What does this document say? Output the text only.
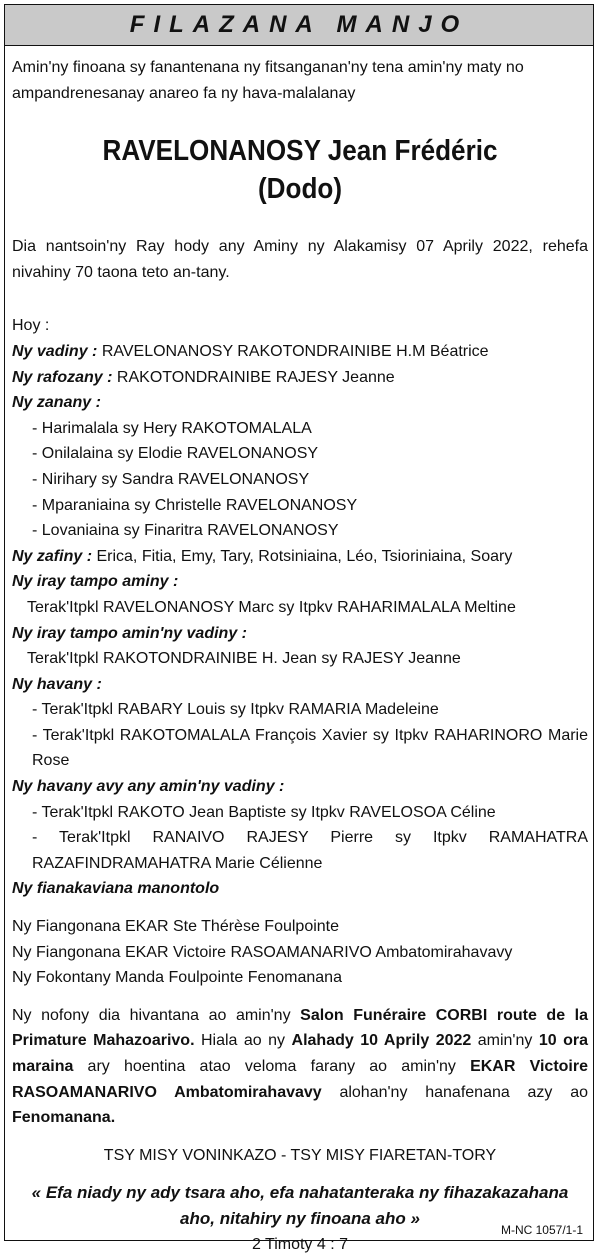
FILAZANA MANJO

Amin'ny finoana sy fanantenana ny fitsanganan'ny tena amin'ny maty no ampandrenesanay anareo fa ny hava-malalanay

RAVELONANOSY Jean Frédéric
(Dodo)

Dia nantsoin'ny Ray hody any Aminy ny Alakamisy 07 Aprily 2022, rehefa nivahiny 70 taona teto an-tany.

Hoy :

Ny vadiny : RAVELONANOSY RAKOTONDRAINIBE H.M Béatrice

Ny rafozany : RAKOTONDRAINIBE RAJESY Jeanne

Ny zanany :

- Harimalala sy Hery RAKOTOMALALA

- Onilalaina sy Elodie RAVELONANOSY

- Nirihary sy Sandra RAVELONANOSY

- Mparaniaina sy Christelle RAVELONANOSY

- Lovaniaina sy Finaritra RAVELONANOSY

Ny zafiny : Erica, Fitia, Emy, Tary, Rotsiniaina, Léo, Tsioriniaina, Soary

Ny iray tampo aminy :

Terak'Itpkl RAVELONANOSY Marc sy Itpkv RAHARIMALALA Meltine

Ny iray tampo amin'ny vadiny :

Terak'Itpkl RAKOTONDRAINIBE H. Jean sy RAJESY Jeanne

Ny havany :

- Terak'Itpkl RABARY Louis sy Itpkv RAMARIA Madeleine

- Terak'Itpkl RAKOTOMALALA François Xavier sy Itpkv RAHARINORO Marie Rose

Ny havany avy any amin'ny vadiny :

- Terak'Itpkl RAKOTO Jean Baptiste sy Itpkv RAVELOSOA Céline

- Terak'Itpkl RANAIVO RAJESY Pierre sy Itpkv RAMAHATRA RAZAFINDRAMAHATRA Marie Célienne

Ny fianakaviana manontolo

Ny Fiangonana EKAR Ste Thérèse Foulpointe

Ny Fiangonana EKAR Victoire RASOAMANARIVO Ambatomirahavavy

Ny Fokontany Manda Foulpointe Fenomanana

Ny nofony dia hivantana ao amin'ny Salon Funéraire CORBI route de la Primature Mahazoarivo. Hiala ao ny Alahady 10 Aprily 2022 amin'ny 10 ora maraina ary hoentina atao veloma farany ao amin'ny EKAR Victoire RASOAMANARIVO Ambatomirahavavy alohan'ny hanafenana azy ao Fenomanana.

TSY MISY VONINKAZO - TSY MISY FIARETAN-TORY

« Efa niady ny ady tsara aho, efa nahatanteraka ny fihazakazahana aho, nitahiry ny finoana aho »

2 Timoty 4 : 7

M-NC 1057/1-1
